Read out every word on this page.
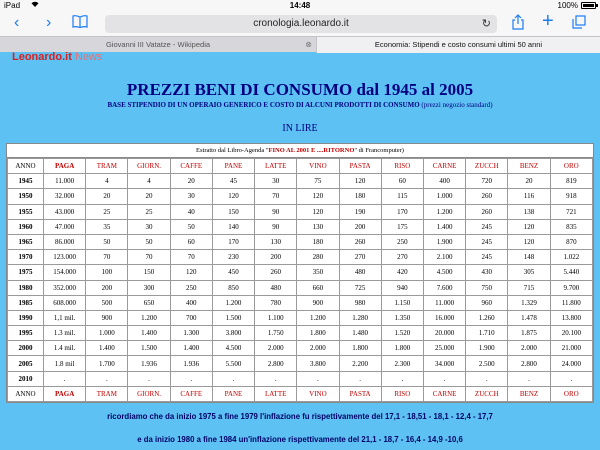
iPad	14:48	100%
‹ ›	cronologia.leonardo.it	↻	+
Giovanni III Vatatze - Wikipedia	⊗	Economia: Stipendi e costo consumi ultimi 50 anni
Leonardo.it News
PREZZI BENI DI CONSUMO dal 1945 al 2005
BASE STIPENDIO DI UN OPERAIO GENERICO E COSTO DI ALCUNI PRODOTTI DI CONSUMO (prezzi negozio standard)
IN LIRE
Estratto dal Libro-Agenda "FINO AL 2001 E ....RITORNO" di Francomputer)
ANNO	PAGA	TRAM	GIORN.	CAFFE	PANE	LATTE	VINO	PASTA	RISO	CARNE	ZUCCH	BENZ	ORO
1945	11.000	4	4	20	45	30	75	120	60	400	720	20	819
1950	32.000	20	20	30	120	70	120	180	115	1.000	260	116	918
1955	43.000	25	25	40	150	90	120	190	170	1.200	260	138	721
1960	47.000	35	30	50	140	90	130	200	175	1.400	245	120	835
1965	86.000	50	50	60	170	130	180	260	250	1.900	245	120	870
1970	123.000	70	70	70	230	200	280	270	270	2.100	245	148	1.022
1975	154.000	100	150	120	450	260	350	480	420	4.500	430	305	5.440
1980	352.000	200	300	250	850	480	660	725	940	7.600	750	715	9.700
1985	608.000	500	650	400	1.200	780	900	980	1.150	11.000	960	1.329	11.800
1990	1,1 mil.	900	1.200	700	1.500	1.100	1.200	1.280	1.350	16.000	1.260	1.478	13.800
1995	1.3 mil.	1.000	1.400	1.300	3.800	1.750	1.800	1.480	1.520	20.000	1.710	1.875	20.100
2000	1.4 mil.	1.400	1.500	1.400	4.500	2.000	2.000	1.800	1.800	25.000	1.900	2.000	21.000
2005	1.8 mil	1.700	1.936	1.936	5.500	2.800	3.800	2.200	2.300	34.000	2.500	2.800	24.000
2010	.	.	.	.	.	.	.	.	.	.	.	.	.
ANNO	PAGA	TRAM	GIORN.	CAFFE	PANE	LATTE	VINO	PASTA	RISO	CARNE	ZUCCH	BENZ	ORO
ricordiamo che da inizio 1975 a fine 1979 l'inflazione fu rispettivamente del 17,1 - 18,51 - 18,1 - 12,4 - 17,7
e da inizio 1980 a fine 1984 un'inflazione rispettivamente del 21,1 - 18,7 - 16,4 - 14,9 -10,6
